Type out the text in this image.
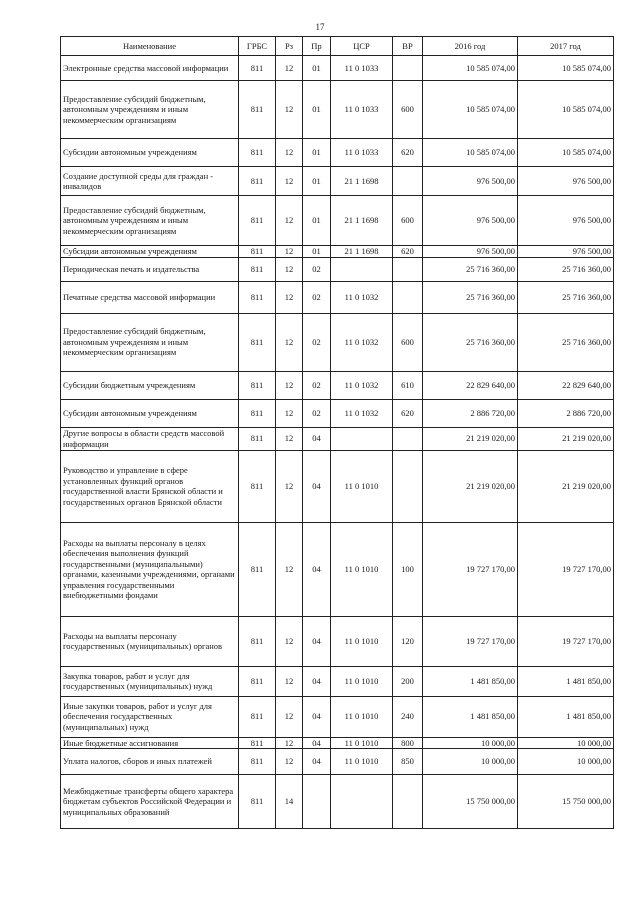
17
Наименование	ГРБС	Рз	Пр	ЦСР	ВР	2016 год	2017 год
Электронные средства массовой информации	811	12	01	11 0 1033		10 585 074,00	10 585 074,00
Предоставление субсидий бюджетным, автономным учреждениям и иным некоммерческим организациям	811	12	01	11 0 1033	600	10 585 074,00	10 585 074,00
Субсидии автономным учреждениям	811	12	01	11 0 1033	620	10 585 074,00	10 585 074,00
Создание доступной среды для граждан - инвалидов	811	12	01	21 1 1698		976 500,00	976 500,00
Предоставление субсидий бюджетным, автономным учреждениям и иным некоммерческим организациям	811	12	01	21 1 1698	600	976 500,00	976 500,00
Субсидии автономным учреждениям	811	12	01	21 1 1698	620	976 500,00	976 500,00
Периодическая печать и издательства	811	12	02			25 716 360,00	25 716 360,00
Печатные средства массовой информации	811	12	02	11 0 1032		25 716 360,00	25 716 360,00
Предоставление субсидий бюджетным, автономным учреждениям и иным некоммерческим организациям	811	12	02	11 0 1032	600	25 716 360,00	25 716 360,00
Субсидии бюджетным учреждениям	811	12	02	11 0 1032	610	22 829 640,00	22 829 640,00
Субсидии автономным учреждениям	811	12	02	11 0 1032	620	2 886 720,00	2 886 720,00
Другие вопросы в области средств массовой информации	811	12	04			21 219 020,00	21 219 020,00
Руководство и управление в сфере установленных функций органов государственной власти Брянской области и государственных органов Брянской области	811	12	04	11 0 1010		21 219 020,00	21 219 020,00
Расходы на выплаты персоналу в целях обеспечения выполнения функций государственными (муниципальными) органами, казенными учреждениями, органами управления государственными внебюджетными фондами	811	12	04	11 0 1010	100	19 727 170,00	19 727 170,00
Расходы на выплаты персоналу государственных (муниципальных) органов	811	12	04	11 0 1010	120	19 727 170,00	19 727 170,00
Закупка товаров, работ и услуг для государственных (муниципальных) нужд	811	12	04	11 0 1010	200	1 481 850,00	1 481 850,00
Иные закупки товаров, работ и услуг для обеспечения государственных (муниципальных) нужд	811	12	04	11 0 1010	240	1 481 850,00	1 481 850,00
Иные бюджетные ассигнования	811	12	04	11 0 1010	800	10 000,00	10 000,00
Уплата налогов, сборов и иных платежей	811	12	04	11 0 1010	850	10 000,00	10 000,00
Межбюджетные трансферты общего характера бюджетам субъектов Российской Федерации и муниципальных образований	811	14				15 750 000,00	15 750 000,00
